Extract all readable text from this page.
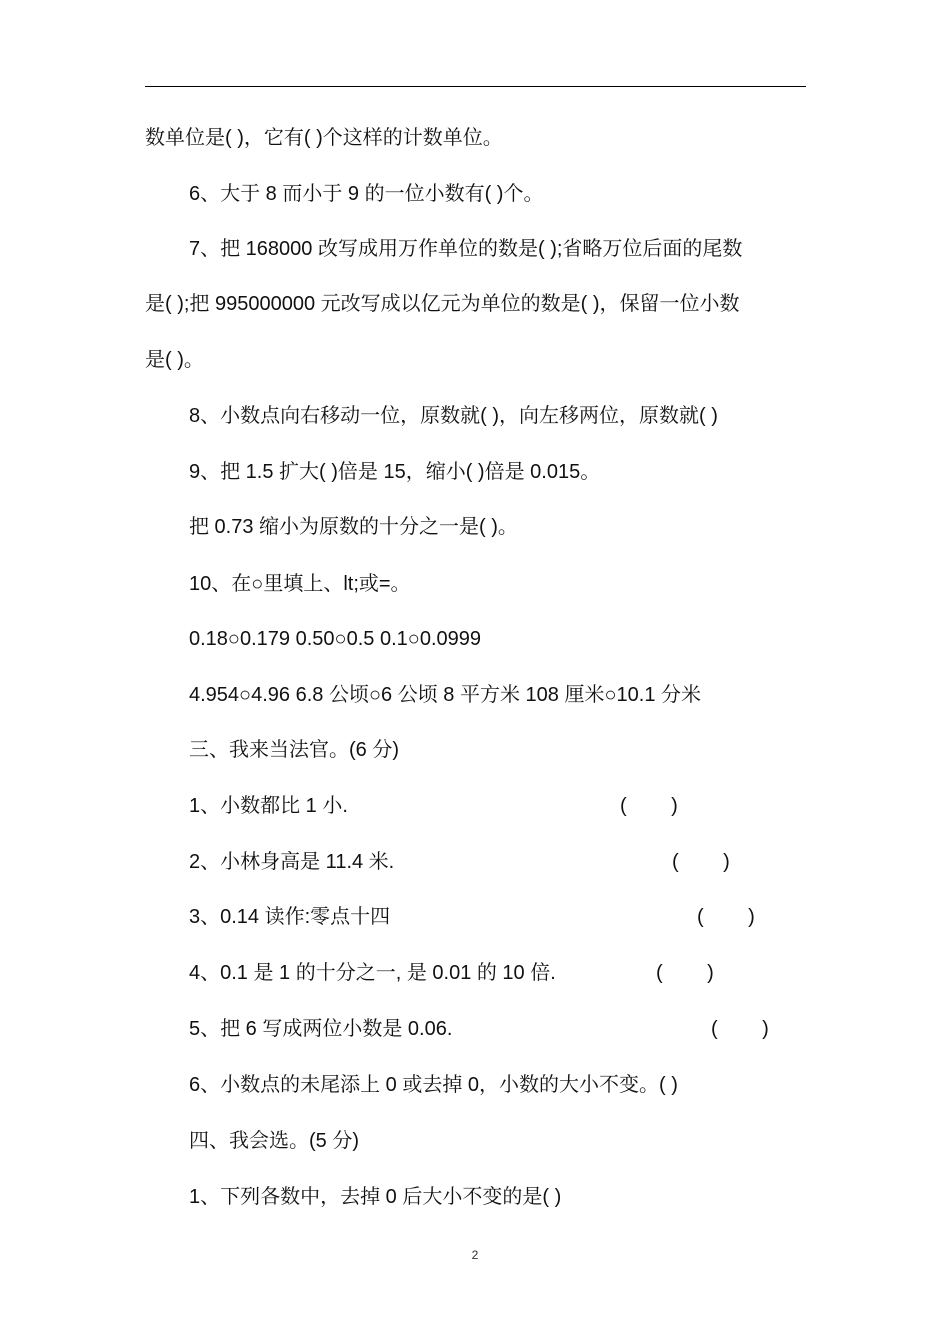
数单位是( )，它有( )个这样的计数单位。
6、大于 8 而小于 9 的一位小数有( )个。
7、把 168000 改写成用万作单位的数是( );省略万位后面的尾数
是( );把 995000000 元改写成以亿元为单位的数是( )，保留一位小数
是( )。
8、小数点向右移动一位，原数就( )，向左移两位，原数就( )
9、把 1.5 扩大( )倍是 15，缩小( )倍是 0.015。
把 0.73 缩小为原数的十分之一是( )。
10、在○里填上、lt;或=。
0.18○0.179 0.50○0.5 0.1○0.0999
4.954○4.96 6.8 公顷○6 公顷 8 平方米 108 厘米○10.1 分米
三、我来当法官。(6 分)
1、小数都比 1 小.	(        )
2、小林身高是 11.4 米.	(        )
3、0.14 读作:零点十四	(        )
4、0.1 是 1 的十分之一, 是 0.01 的 10 倍.	(        )
5、把 6 写成两位小数是 0.06.	(        )
6、小数点的未尾添上 0 或去掉 0，小数的大小不变。( )
四、我会选。(5 分)
1、下列各数中，去掉 0 后大小不变的是( )
2
